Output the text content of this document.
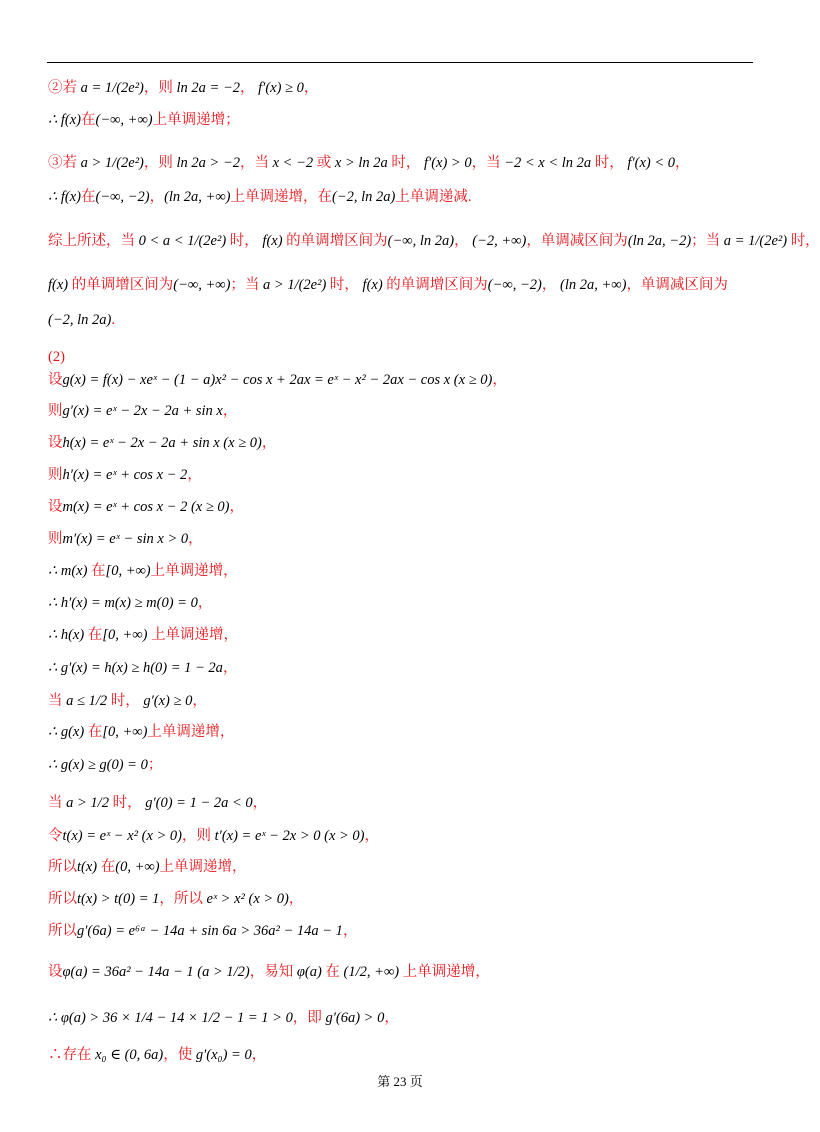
②若 a = 1/(2e²)，则 ln 2a = −2， f′(x) ≥ 0，
∴ f(x)在(−∞, +∞)上单调递增；
③若 a > 1/(2e²)，则 ln 2a > −2，当 x < −2 或 x > ln 2a 时， f′(x) > 0，当 −2 < x < ln 2a 时， f′(x) < 0，
∴ f(x)在(−∞, −2)，(ln 2a, +∞)上单调递增，在(−2, ln 2a)上单调递减.
综上所述，当 0 < a < 1/(2e²) 时， f(x) 的单调增区间为(−∞, ln 2a)， (−2, +∞)，单调减区间为(ln 2a, −2)；当 a = 1/(2e²) 时，
f(x) 的单调增区间为(−∞, +∞)；当 a > 1/(2e²) 时， f(x) 的单调增区间为(−∞, −2)， (ln 2a, +∞)，单调减区间为
(−2, ln 2a).
(2)
设g(x) = f(x) − xeˣ − (1 − a)x² − cos x + 2ax = eˣ − x² − 2ax − cos x (x ≥ 0)，
则g′(x) = eˣ − 2x − 2a + sin x，
设h(x) = eˣ − 2x − 2a + sin x (x ≥ 0)，
则h′(x) = eˣ + cos x − 2，
设m(x) = eˣ + cos x − 2 (x ≥ 0)，
则m′(x) = eˣ − sin x > 0，
∴ m(x) 在[0, +∞)上单调递增，
∴ h′(x) = m(x) ≥ m(0) = 0，
∴ h(x) 在[0, +∞) 上单调递增，
∴ g′(x) = h(x) ≥ h(0) = 1 − 2a，
当 a ≤ 1/2 时， g′(x) ≥ 0，
∴ g(x) 在[0, +∞)上单调递增，
∴ g(x) ≥ g(0) = 0；
当 a > 1/2 时， g′(0) = 1 − 2a < 0，
令t(x) = eˣ − x² (x > 0)，则 t′(x) = eˣ − 2x > 0 (x > 0)，
所以t(x) 在(0, +∞)上单调递增，
所以t(x) > t(0) = 1，所以 eˣ > x² (x > 0)，
所以g′(6a) = e⁶ᵃ − 14a + sin 6a > 36a² − 14a − 1，
设φ(a) = 36a² − 14a − 1 (a > 1/2)，易知 φ(a) 在 (1/2, +∞) 上单调递增，
∴ φ(a) > 36 × 1/4 − 14 × 1/2 − 1 = 1 > 0，即 g′(6a) > 0，
∴存在 x₀ ∈ (0, 6a)，使 g′(x₀) = 0，
第 23 页
